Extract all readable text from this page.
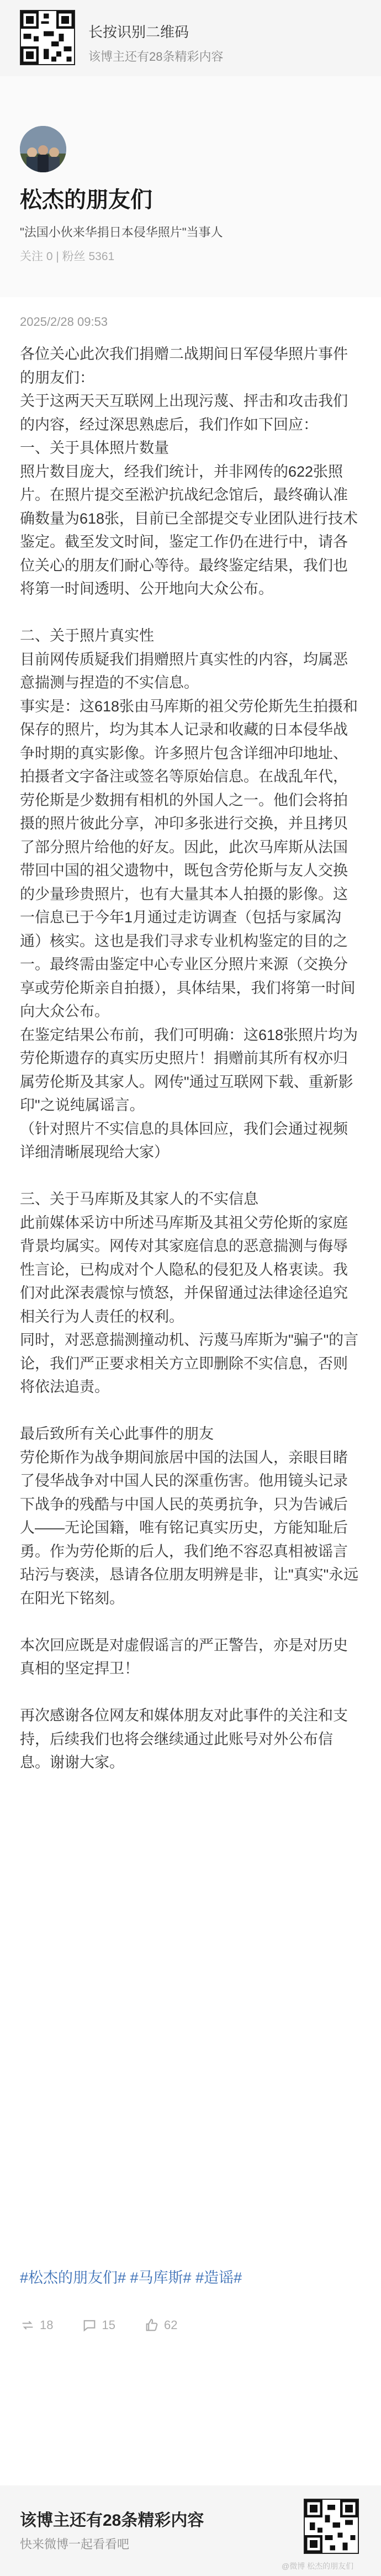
长按识别二维码
该博主还有28条精彩内容
松杰的朋友们
"法国小伙来华捐日本侵华照片"当事人
关注 0 | 粉丝 5361
2025/2/28 09:53

各位关心此次我们捐赠二战期间日军侵华照片事件的朋友们：

关于这两天天互联网上出现污蔑、抨击和攻击我们的内容，经过深思熟虑后，我们作如下回应：

一、关于具体照片数量

照片数目庞大，经我们统计，并非网传的622张照片。在照片提交至淞沪抗战纪念馆后，最终确认准确数量为618张，目前已全部提交专业团队进行技术鉴定。截至发文时间，鉴定工作仍在进行中，请各位关心的朋友们耐心等待。最终鉴定结果，我们也将第一时间透明、公开地向大众公布。

二、关于照片真实性

目前网传质疑我们捐赠照片真实性的内容，均属恶意揣测与捏造的不实信息。

事实是：这618张由马库斯的祖父劳伦斯先生拍摄和保存的照片，均为其本人记录和收藏的日本侵华战争时期的真实影像。许多照片包含详细冲印地址、拍摄者文字备注或签名等原始信息。在战乱年代，劳伦斯是少数拥有相机的外国人之一。他们会将拍摄的照片彼此分享，冲印多张进行交换，并且拷贝了部分照片给他的好友。因此，此次马库斯从法国带回中国的祖父遗物中，既包含劳伦斯与友人交换的少量珍贵照片，也有大量其本人拍摄的影像。这一信息已于今年1月通过走访调查（包括与家属沟通）核实。这也是我们寻求专业机构鉴定的目的之一。最终需由鉴定中心专业区分照片来源（交换分享或劳伦斯亲自拍摄），具体结果，我们将第一时间向大众公布。

在鉴定结果公布前，我们可明确：这618张照片均为劳伦斯遗存的真实历史照片！捐赠前其所有权亦归属劳伦斯及其家人。网传"通过互联网下载、重新影印"之说纯属谣言。

（针对照片不实信息的具体回应，我们会通过视频详细清晰展现给大家）

三、关于马库斯及其家人的不实信息

此前媒体采访中所述马库斯及其祖父劳伦斯的家庭背景均属实。网传对其家庭信息的恶意揣测与侮辱性言论，已构成对个人隐私的侵犯及人格衷读。我们对此深表震惊与愤怒，并保留通过法律途径追究相关行为人责任的权利。

同时，对恶意揣测撞动机、污蔑马库斯为"骗子"的言论，我们严正要求相关方立即删除不实信息，否则将依法追责。

最后致所有关心此事件的朋友

劳伦斯作为战争期间旅居中国的法国人，亲眼目睹了侵华战争对中国人民的深重伤害。他用镜头记录下战争的残酷与中国人民的英勇抗争，只为告诫后人——无论国籍，唯有铭记真实历史，方能知耻后勇。作为劳伦斯的后人，我们绝不容忍真相被谣言玷污与亵渎，恳请各位朋友明辨是非，让"真实"永远在阳光下铭刻。

本次回应既是对虚假谣言的严正警告，亦是对历史真相的坚定捍卫！

再次感谢各位网友和媒体朋友对此事件的关注和支持，后续我们也将会继续通过此账号对外公布信息。谢谢大家。

#松杰的朋友们# #马库斯# #造谣#
18	15	62
该博主还有28条精彩内容
快来微博一起看看吧
@微博 松杰的朋友们
